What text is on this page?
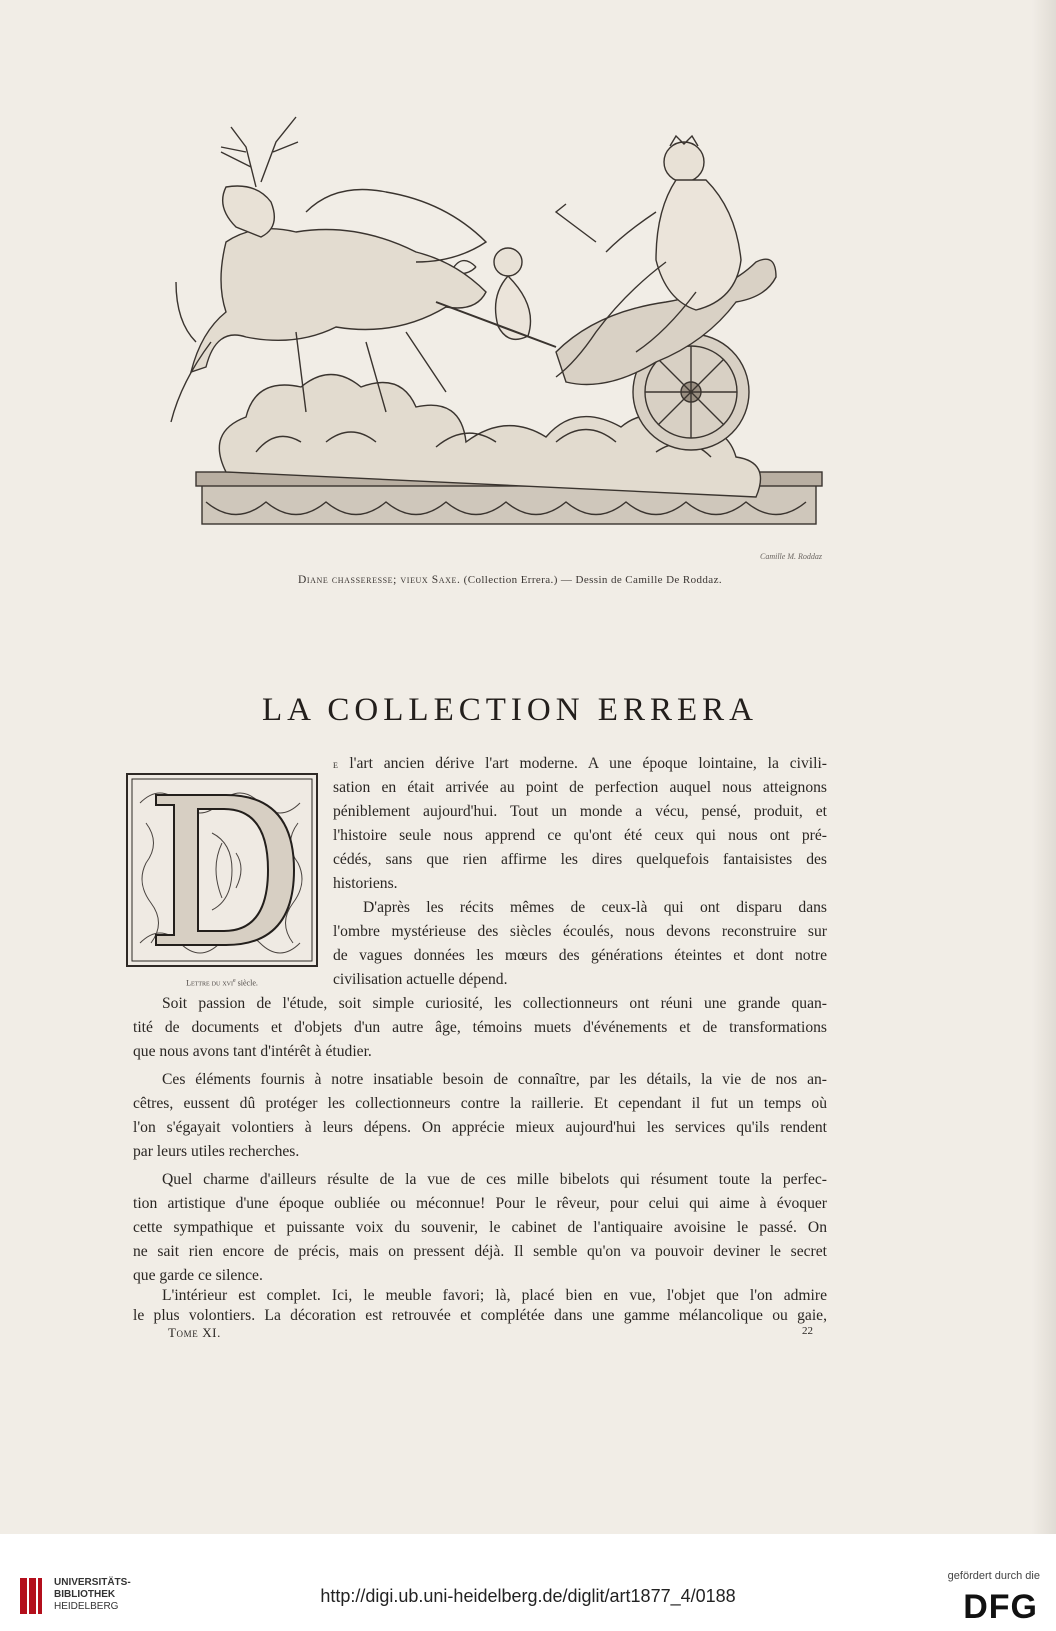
Camille M. Roddaz
Diane chasseresse; vieux Saxe. (Collection Errera.) — Dessin de Camille De Roddaz.
LA COLLECTION ERRERA
D
Lettre du xvi$^e$ siècle.
e l'art ancien dérive l'art moderne. A une époque lointaine, la civili-
sation en était arrivée au point de perfection auquel nous atteignons
péniblement aujourd'hui. Tout un monde a vécu, pensé, produit, et
l'histoire seule nous apprend ce qu'ont été ceux qui nous ont pré-
cédés, sans que rien affirme les dires quelquefois fantaisistes des
historiens.
D'après les récits mêmes de ceux-là qui ont disparu dans
l'ombre mystérieuse des siècles écoulés, nous devons reconstruire sur
de vagues données les mœurs des générations éteintes et dont notre
civilisation actuelle dépend.
Soit passion de l'étude, soit simple curiosité, les collectionneurs ont réuni une grande quan-
tité de documents et d'objets d'un autre âge, témoins muets d'événements et de transformations
que nous avons tant d'intérêt à étudier.
Ces éléments fournis à notre insatiable besoin de connaître, par les détails, la vie de nos an-
cêtres, eussent dû protéger les collectionneurs contre la raillerie. Et cependant il fut un temps où
l'on s'égayait volontiers à leurs dépens. On apprécie mieux aujourd'hui les services qu'ils rendent
par leurs utiles recherches.
Quel charme d'ailleurs résulte de la vue de ces mille bibelots qui résument toute la perfec-
tion artistique d'une époque oubliée ou méconnue! Pour le rêveur, pour celui qui aime à évoquer
cette sympathique et puissante voix du souvenir, le cabinet de l'antiquaire avoisine le passé. On
ne sait rien encore de précis, mais on pressent déjà. Il semble qu'on va pouvoir deviner le secret
que garde ce silence.
L'intérieur est complet. Ici, le meuble favori; là, placé bien en vue, l'objet que l'on admire
le plus volontiers. La décoration est retrouvée et complétée dans une gamme mélancolique ou gaie,
Tome XI.	22
UNIVERSITÄTS-
BIBLIOTHEK
HEIDELBERG
http://digi.ub.uni-heidelberg.de/diglit/art1877_4/0188
gefördert durch die
DFG
